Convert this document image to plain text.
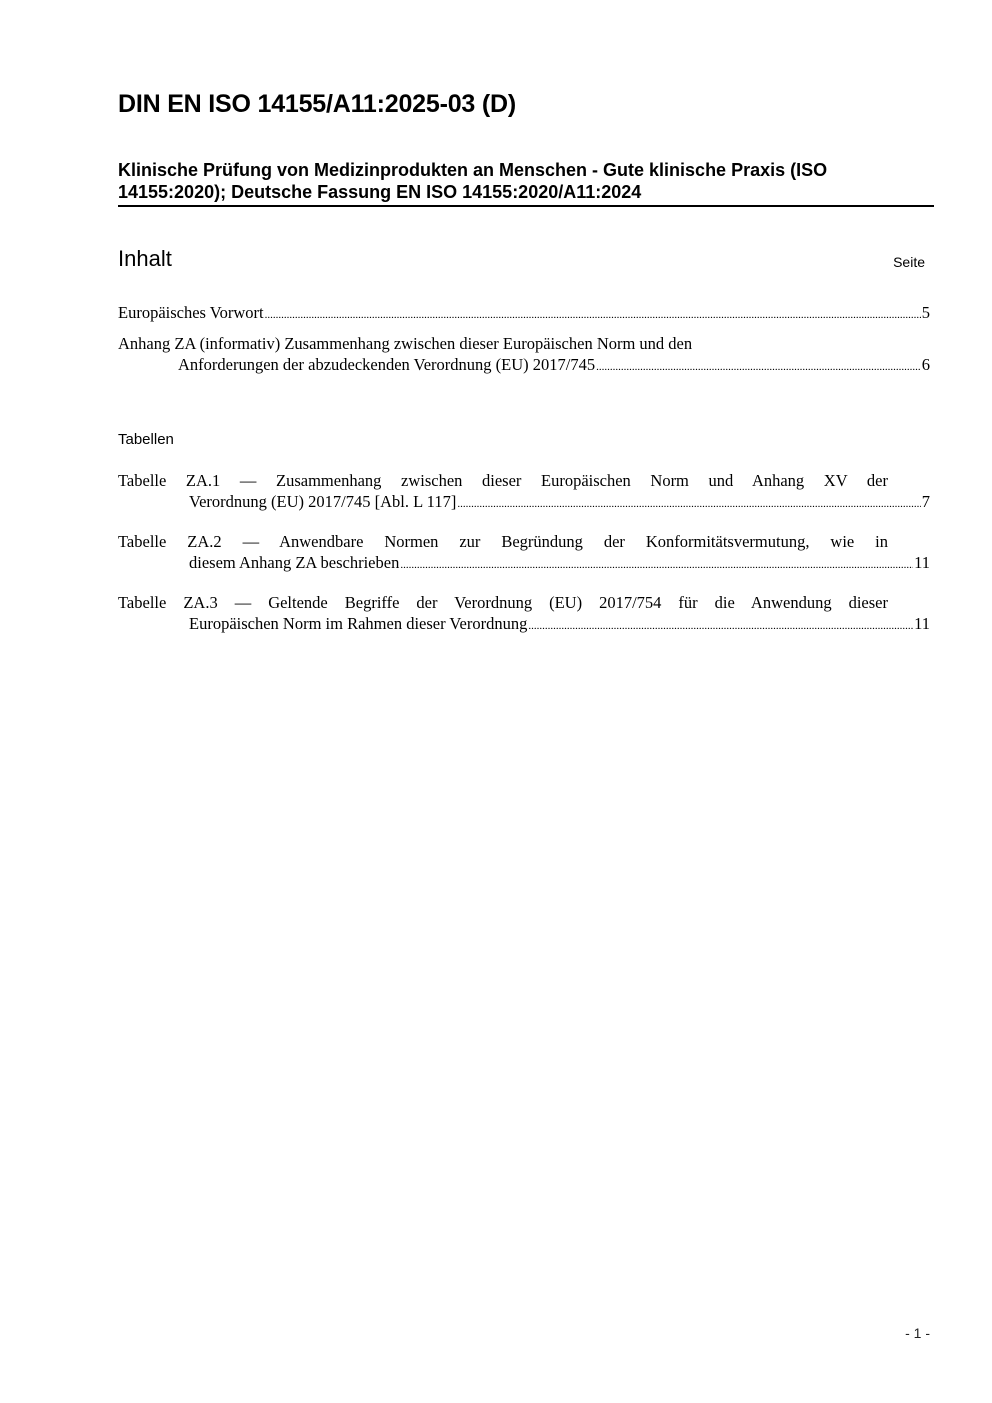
DIN EN ISO 14155/A11:2025-03 (D)
Klinische Prüfung von Medizinprodukten an Menschen - Gute klinische Praxis (ISO
14155:2020); Deutsche Fassung EN ISO 14155:2020/A11:2024
Inhalt	Seite
Europäisches Vorwort .....	5
Anhang ZA (informativ) Zusammenhang zwischen dieser Europäischen Norm und den
Anforderungen der abzudeckenden Verordnung (EU) 2017/745 .....	6
Tabellen
Tabelle ZA.1 — Zusammenhang zwischen dieser Europäischen Norm und Anhang XV der
Verordnung (EU) 2017/745 [Abl. L 117] .....	7
Tabelle ZA.2 — Anwendbare Normen zur Begründung der Konformitätsvermutung, wie in
diesem Anhang ZA beschrieben .....	11
Tabelle ZA.3 — Geltende Begriffe der Verordnung (EU) 2017/754 für die Anwendung dieser
Europäischen Norm im Rahmen dieser Verordnung .....	11
- 1 -
